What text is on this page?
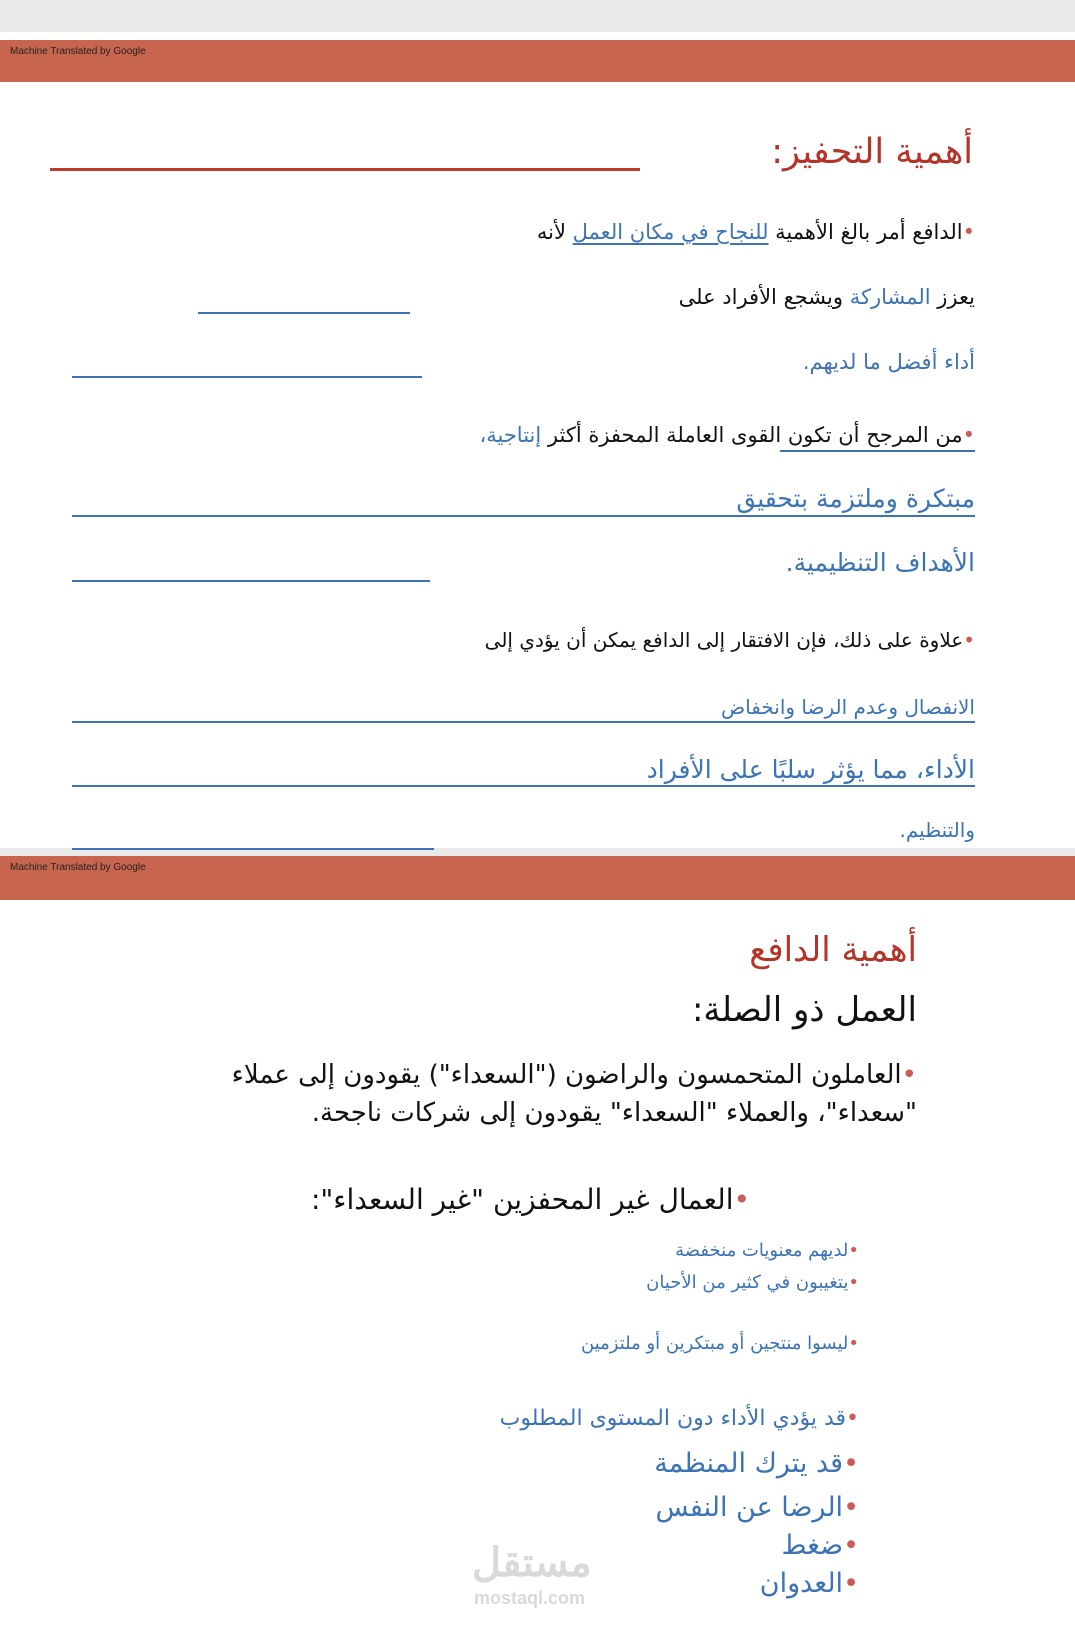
Machine Translated by Google
أهمية التحفيز:
•الدافع أمر بالغ الأهمية للنجاح في مكان العمل لأنه
يعزز المشاركة ويشجع الأفراد على
أداء أفضل ما لديهم.
•من المرجح أن تكون القوى العاملة المحفزة أكثر إنتاجية،
مبتكرة وملتزمة بتحقيق
الأهداف التنظيمية.
•علاوة على ذلك، فإن الافتقار إلى الدافع يمكن أن يؤدي إلى
الانفصال وعدم الرضا وانخفاض
الأداء، مما يؤثر سلبًا على الأفراد
والتنظيم.
Machine Translated by Google
أهمية الدافع
العمل ذو الصلة:
•العاملون المتحمسون والراضون ("السعداء") يقودون إلى عملاء
"سعداء"، والعملاء "السعداء" يقودون إلى شركات ناجحة.
•العمال غير المحفزين "غير السعداء":
•لديهم معنويات منخفضة
•يتغيبون في كثير من الأحيان
•ليسوا منتجين أو مبتكرين أو ملتزمين
•قد يؤدي الأداء دون المستوى المطلوب
•قد يترك المنظمة
•الرضا عن النفس
•ضغط
•العدوان
مستقل
mostaql.com
